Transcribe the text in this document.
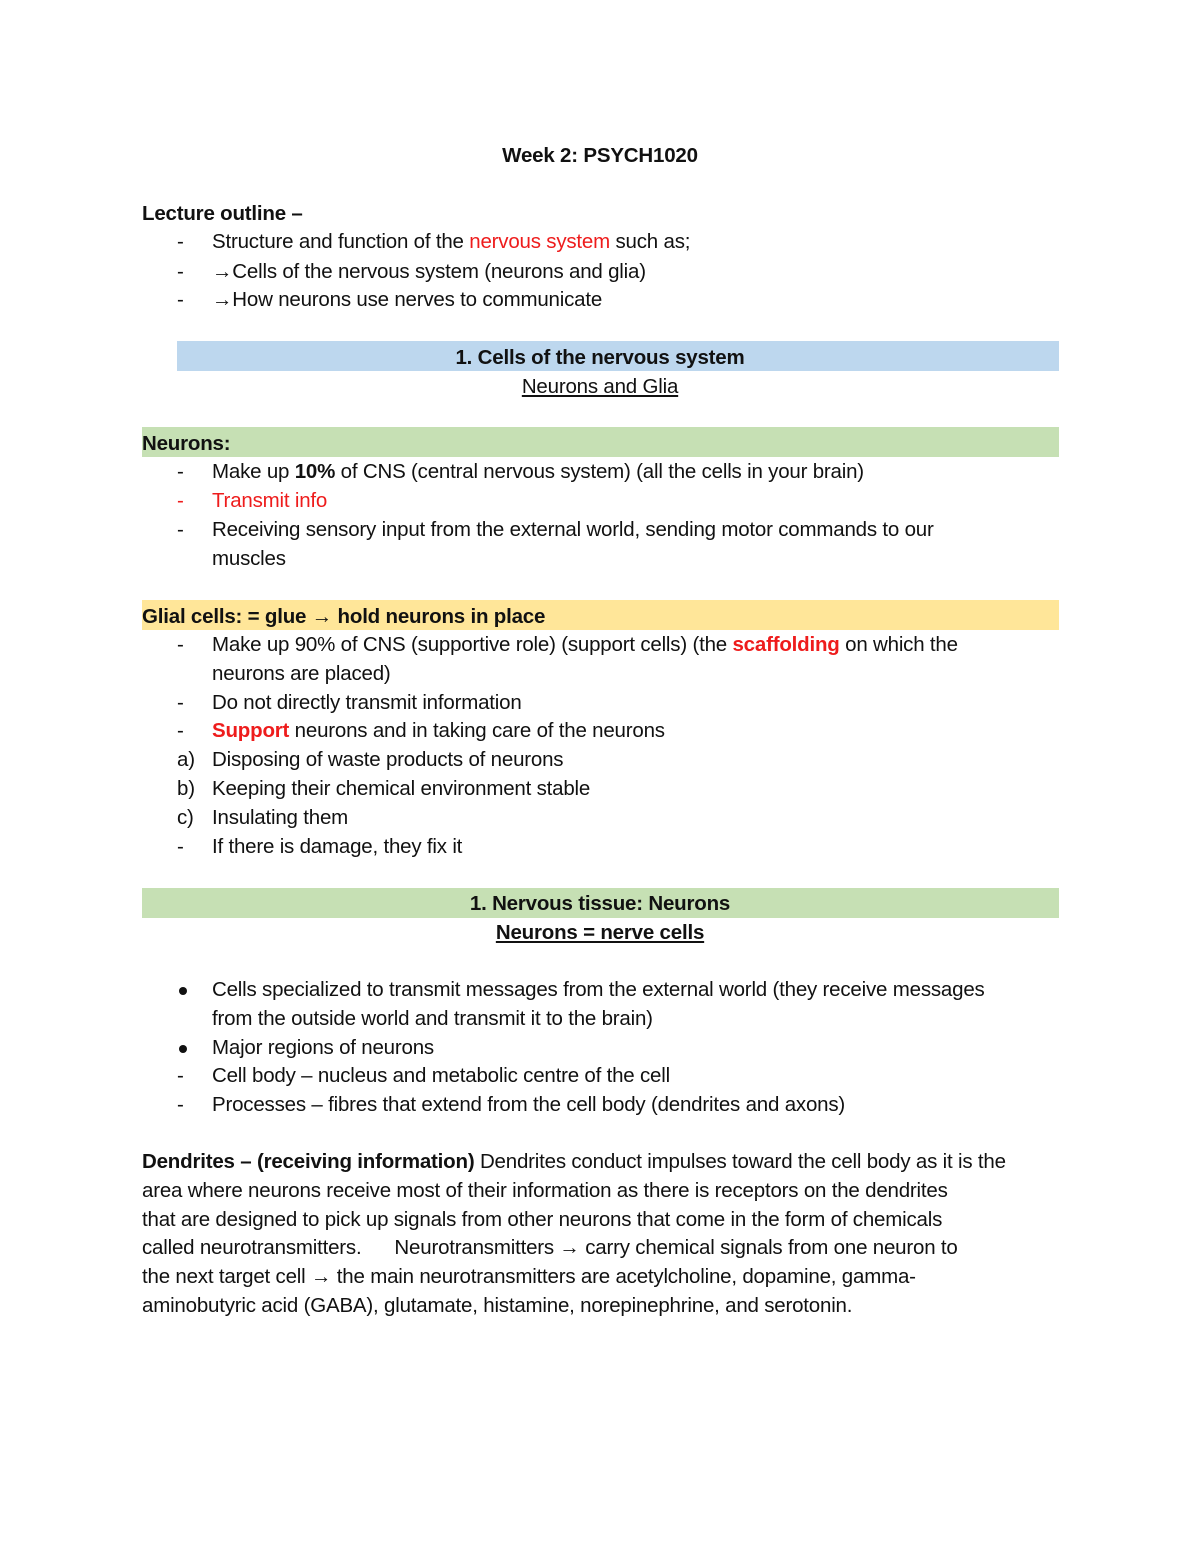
Week 2: PSYCH1020
Lecture outline –
- Structure and function of the nervous system such as;
- →Cells of the nervous system (neurons and glia)
- →How neurons use nerves to communicate
1. Cells of the nervous system
Neurons and Glia
Neurons:
- Make up 10% of CNS (central nervous system) (all the cells in your brain)
- Transmit info
- Receiving sensory input from the external world, sending motor commands to our
muscles
Glial cells: = glue → hold neurons in place
- Make up 90% of CNS (supportive role) (support cells) (the scaffolding on which the
neurons are placed)
- Do not directly transmit information
- Support neurons and in taking care of the neurons
a) Disposing of waste products of neurons
b) Keeping their chemical environment stable
c) Insulating them
- If there is damage, they fix it
1. Nervous tissue: Neurons
Neurons = nerve cells
Cells specialized to transmit messages from the external world (they receive messages
from the outside world and transmit it to the brain)
Major regions of neurons
- Cell body – nucleus and metabolic centre of the cell
- Processes – fibres that extend from the cell body (dendrites and axons)
Dendrites – (receiving information) Dendrites conduct impulses toward the cell body as it is the
area where neurons receive most of their information as there is receptors on the dendrites
that are designed to pick up signals from other neurons that come in the form of chemicals
called neurotransmitters.      Neurotransmitters → carry chemical signals from one neuron to
the next target cell → the main neurotransmitters are acetylcholine, dopamine, gamma-
aminobutyric acid (GABA), glutamate, histamine, norepinephrine, and serotonin.
